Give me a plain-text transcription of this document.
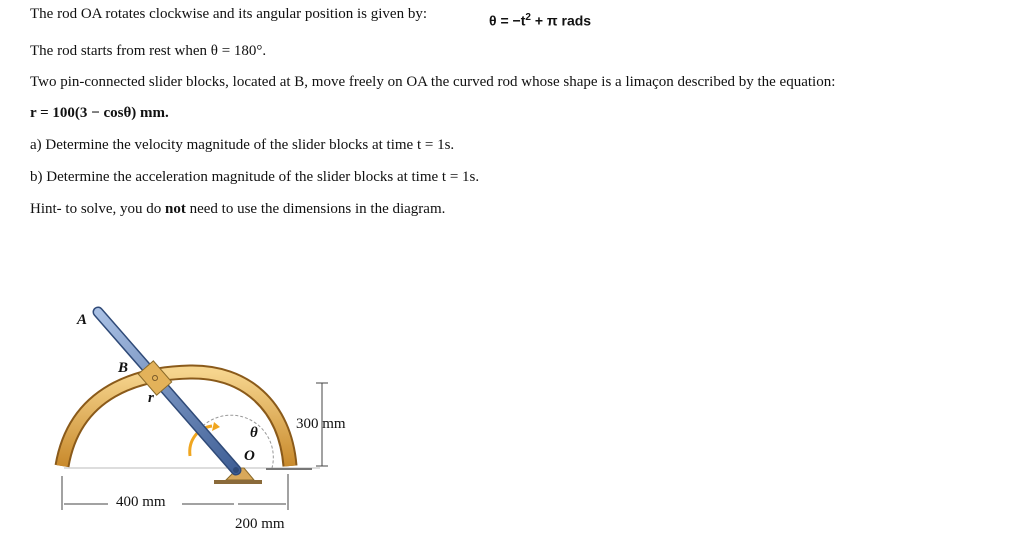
The rod OA rotates clockwise and its angular position is given by:	$\theta = -t^2 + \pi$ rads
The rod starts from rest when θ = 180°.
Two pin-connected slider blocks, located at B, move freely on OA the curved rod whose shape is a limaçon described by the equation:
r = 100(3 − cosθ) mm.
a) Determine the velocity magnitude of the slider blocks at time t = 1s.
b) Determine the acceleration magnitude of the slider blocks at time t = 1s.
Hint- to solve, you do not need to use the dimensions in the diagram.
A
B
r
θ
O
300 mm
400 mm
200 mm
